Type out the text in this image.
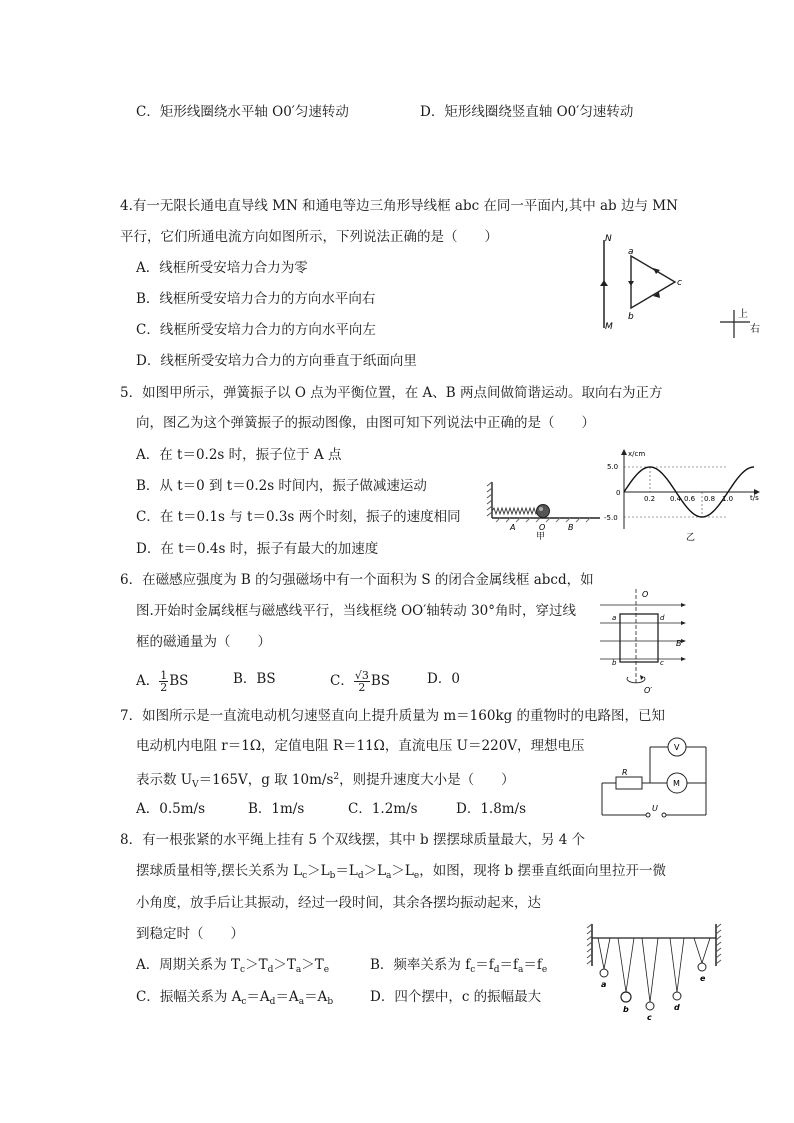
C．矩形线圈绕水平轴 O0′匀速转动	D．矩形线圈绕竖直轴 O0′匀速转动
4.有一无限长通电直导线 MN 和通电等边三角形导线框 abc 在同一平面内,其中 ab 边与 MN
平行，它们所通电流方向如图所示，下列说法正确的是（　　）
A．线框所受安培力合力为零
B．线框所受安培力合力的方向水平向右
C．线框所受安培力合力的方向水平向左
D．线框所受安培力合力的方向垂直于纸面向里
N
M
a
b
c
上
右
5．如图甲所示，弹簧振子以 O 点为平衡位置，在 A、B 两点间做简谐运动。取向右为正方
向，图乙为这个弹簧振子的振动图像，由图可知下列说法中正确的是（　　）
A．在 t＝0.2s 时，振子位于 A 点
B．从 t＝0 到 t＝0.2s 时间内，振子做减速运动
C．在 t＝0.1s 与 t＝0.3s 两个时刻，振子的速度相同
D．在 t＝0.4s 时，振子有最大的加速度
A	O	B
甲
x/cm
t/s
5.0
0
-5.0
0.2 0.4 0.6 0.8 1.0
乙
6．在磁感应强度为 B 的匀强磁场中有一个面积为 S 的闭合金属线框 abcd，如
图.开始时金属线框与磁感线平行，当线框绕 OO′轴转动 30°角时，穿过线
框的磁通量为（　　）
A． $\frac{1}{2}$ BS	B．BS	C． $\frac{√3}{2}$ BS	D．0
O
O′
a	d
b	c
B
7．如图所示是一直流电动机匀速竖直向上提升质量为 m＝160kg 的重物时的电路图，已知
电动机内电阻 r＝1Ω，定值电阻 R＝11Ω，直流电压 U＝220V，理想电压
表示数 $U_V=165V$，g 取 $10m/s^2$，则提升速度大小是（　　）
A．0.5m/s	B．1m/s	C．1.2m/s	D．1.8m/s
R
V
M
U
8．有一根张紧的水平绳上挂有 5 个双线摆，其中 b 摆摆球质量最大，另 4 个
摆球质量相等,摆长关系为 $L_c>L_b=L_d>L_a>L_e$，如图，现将 b 摆垂直纸面向里拉开一微
小角度，放手后让其振动，经过一段时间，其余各摆均振动起来，达
到稳定时（　　）
A．周期关系为 $T_c>T_d>T_a>T_e$	B．频率关系为 $f_c=f_d=f_a=f_e$
C．振幅关系为 $A_c=A_d=A_a=A_b$	D．四个摆中，c 的振幅最大
a
b
c
d
e
